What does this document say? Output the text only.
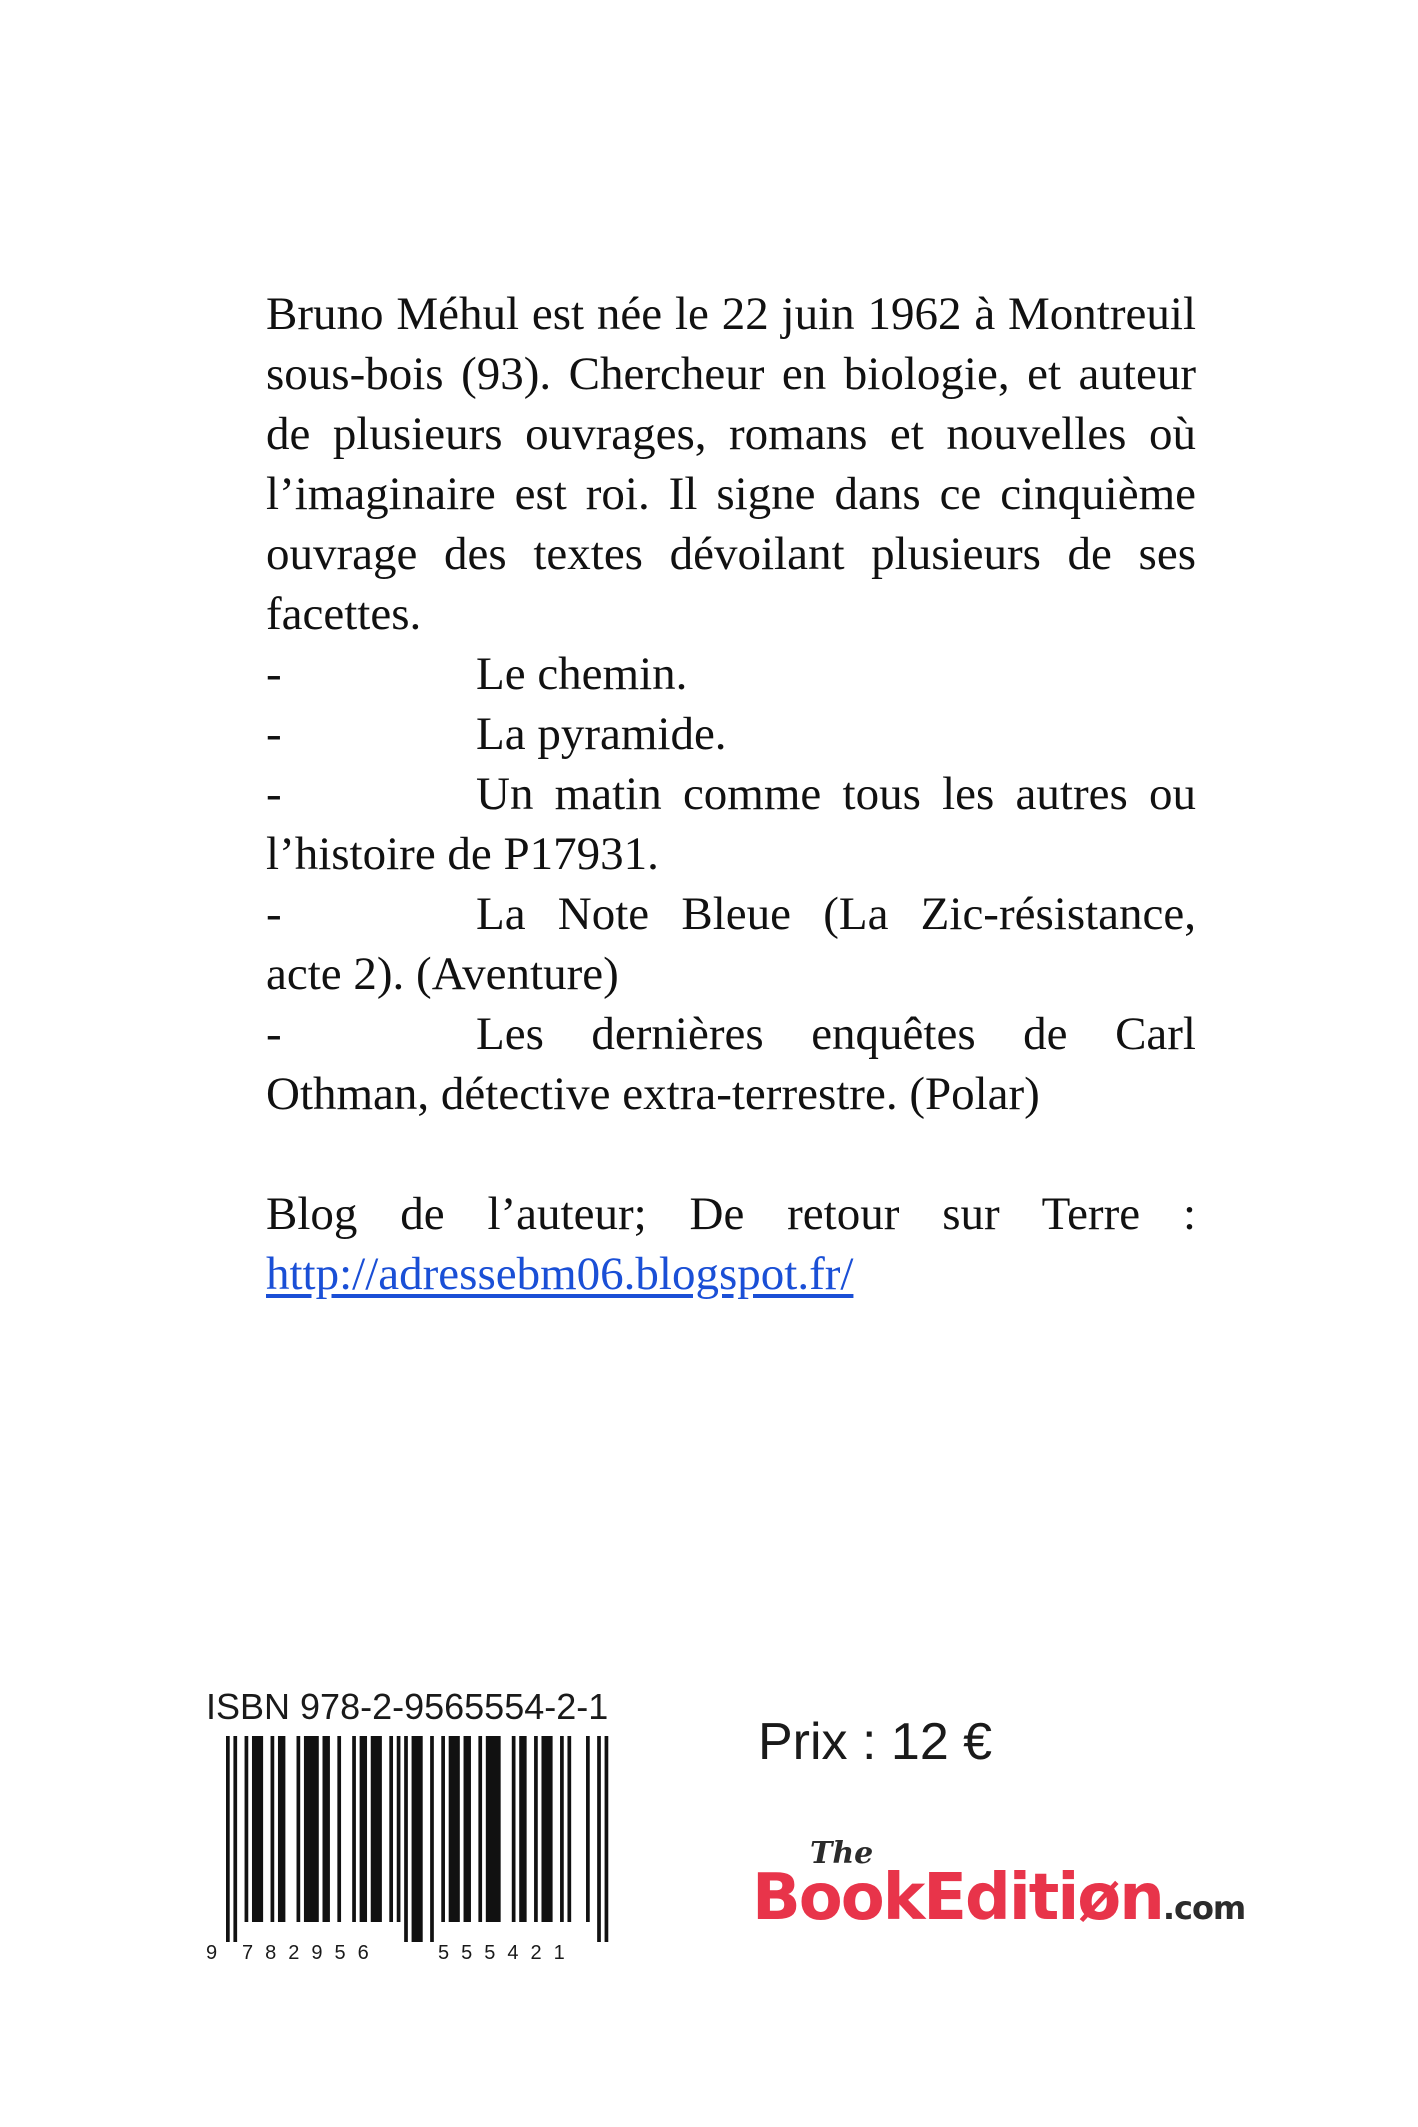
Bruno Méhul est née le 22 juin 1962 à Montreuil sous-bois (93). Chercheur en biologie, et auteur de plusieurs ouvrages, romans et nouvelles où l’imaginaire est roi. Il signe dans ce cinquième ouvrage des textes dévoilant plusieurs de ses facettes.

-	Le chemin.

-	La pyramide.

-	Un matin comme tous les autres ou l’histoire de P17931.

-	La Note Bleue (La Zic-résistance, acte 2). (Aventure)

-	Les dernières enquêtes de Carl Othman, détective extra-terrestre. (Polar)

Blog de l’auteur; De retour sur Terre : http://adressebm06.blogspot.fr/

ISBN 978-2-9565554-2-1
9 782956	555421
Prix : 12 €
The
BookEditiøn.com
